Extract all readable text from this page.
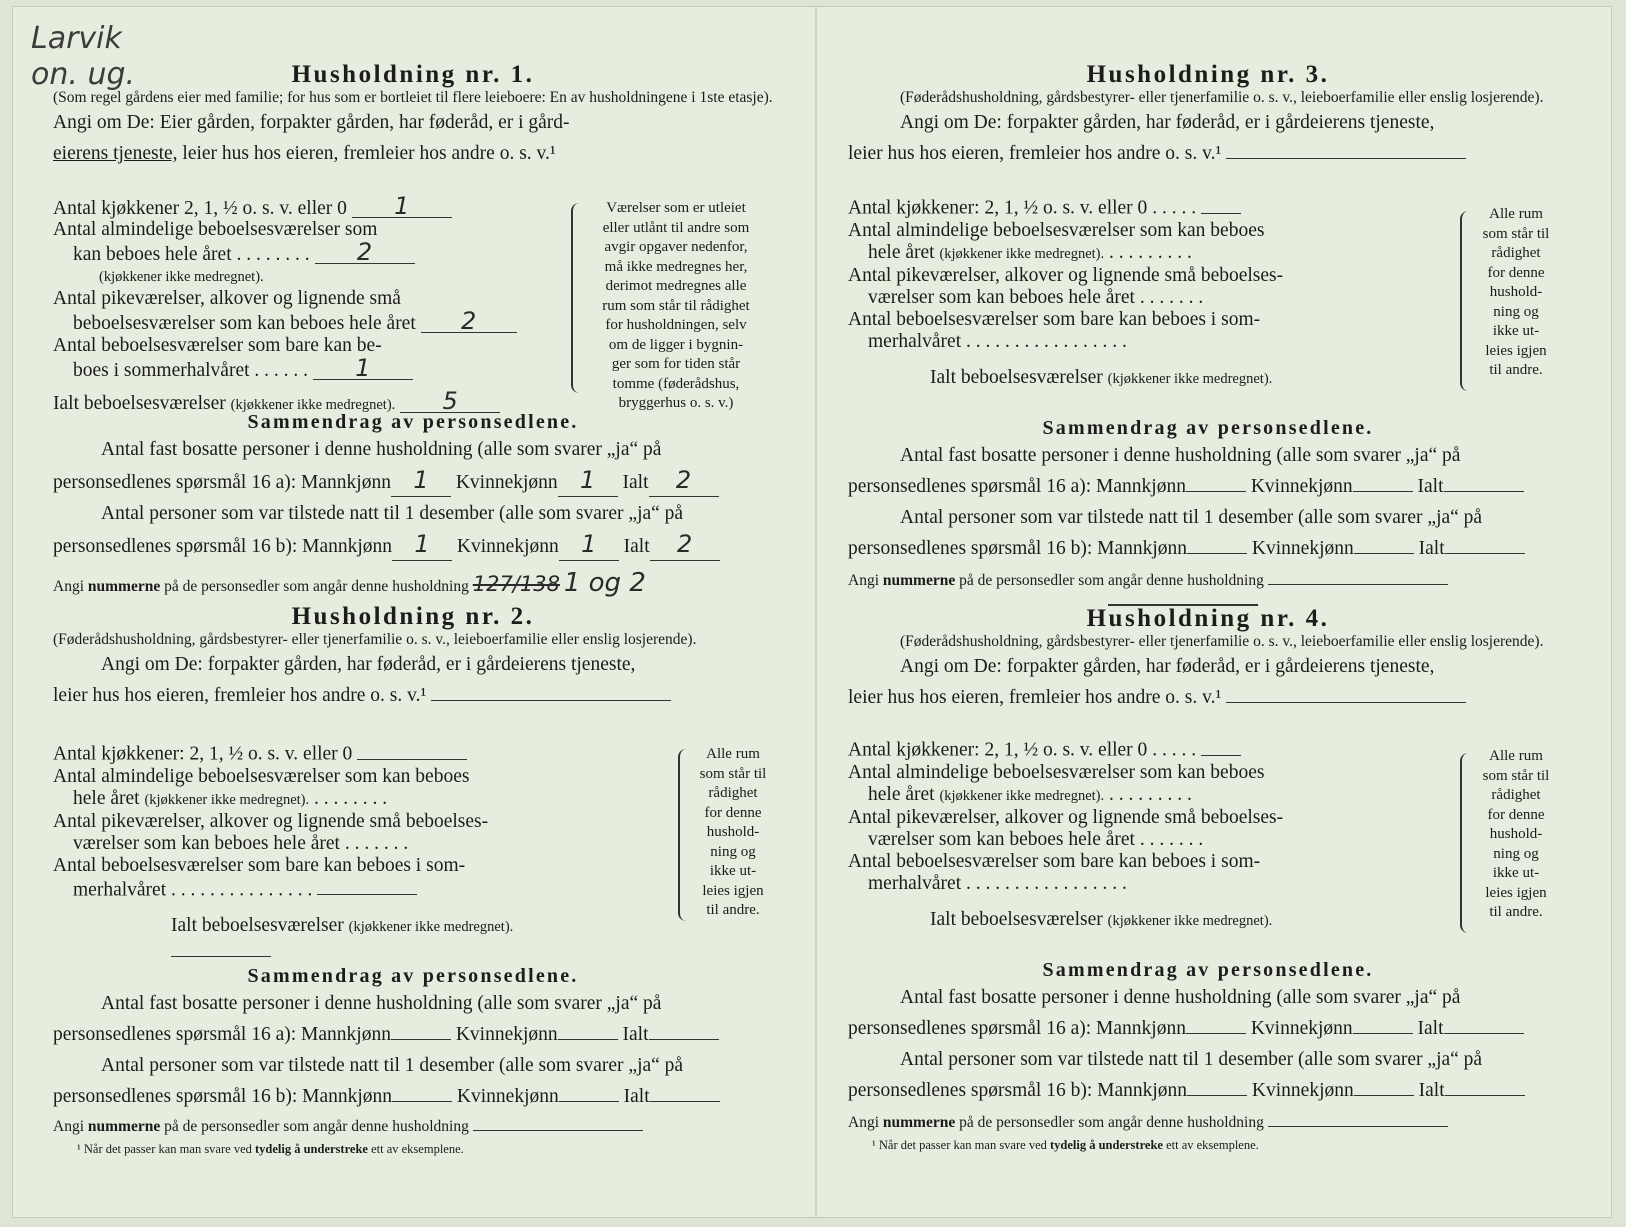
Larvik
on. ug.	Husholdning nr. 1.
(Som regel gårdens eier med familie; for hus som er bortleiet til flere leieboere: En av husholdningene i 1ste etasje).
Angi om De: Eier gården, forpakter gården, har føderåd, er i gård-
eierens tjeneste, leier hus hos eieren, fremleier hos andre o. s. v.¹
Antal kjøkkener 2, 1, ½ o. s. v. eller 0 1
Antal almindelige beboelsesværelser som
kan beboes hele året . . . . . . . . 2
(kjøkkener ikke medregnet).
Antal pikeværelser, alkover og lignende små
beboelsesværelser som kan beboes hele året 2
Antal beboelsesværelser som bare kan be-
boes i sommerhalvåret . . . . . . 1
Ialt beboelsesværelser (kjøkkener ikke medregnet). 5
Værelser som er utleiet
eller utlånt til andre som
avgir opgaver nedenfor,
må ikke medregnes her,
derimot medregnes alle
rum som står til rådighet
for husholdningen, selv
om de ligger i bygnin-
ger som for tiden står
tomme (føderådshus,
bryggerhus o. s. v.)
Sammendrag av personsedlene.
Antal fast bosatte personer i denne husholdning (alle som svarer „ja“ på
personsedlenes spørsmål 16 a): Mannkjønn 1 Kvinnekjønn 1 Ialt 2
Antal personer som var tilstede natt til 1 desember (alle som svarer „ja“ på
personsedlenes spørsmål 16 b): Mannkjønn 1 Kvinnekjønn 1 Ialt 2
Angi nummerne på de personsedler som angår denne husholdning 127/138 1 og 2
Husholdning nr. 2.
(Føderådshusholdning, gårdsbestyrer- eller tjenerfamilie o. s. v., leieboerfamilie eller enslig losjerende).
Angi om De: forpakter gården, har føderåd, er i gårdeierens tjeneste,
leier hus hos eieren, fremleier hos andre o. s. v.¹
Antal kjøkkener: 2, 1, ½ o. s. v. eller 0
Antal almindelige beboelsesværelser som kan beboes
hele året (kjøkkener ikke medregnet). . . . . . . . .
Antal pikeværelser, alkover og lignende små beboelses-
værelser som kan beboes hele året . . . . . . .
Antal beboelsesværelser som bare kan beboes i som-
merhalvåret . . . . . . . . . . . . . . .
Ialt beboelsesværelser (kjøkkener ikke medregnet).
Alle rum
som står til
rådighet
for denne
hushold-
ning og
ikke ut-
leies igjen
til andre.
Sammendrag av personsedlene.
Antal fast bosatte personer i denne husholdning (alle som svarer „ja“ på
personsedlenes spørsmål 16 a): Mannkjønn	Kvinnekjønn	Ialt
Antal personer som var tilstede natt til 1 desember (alle som svarer „ja“ på
personsedlenes spørsmål 16 b): Mannkjønn	Kvinnekjønn	Ialt
Angi nummerne på de personsedler som angår denne husholdning
¹ Når det passer kan man svare ved tydelig å understreke ett av eksemplene.
Husholdning nr. 3.
(Føderådshusholdning, gårdsbestyrer- eller tjenerfamilie o. s. v., leieboerfamilie eller enslig losjerende).
Angi om De: forpakter gården, har føderåd, er i gårdeierens tjeneste,
leier hus hos eieren, fremleier hos andre o. s. v.¹
Antal kjøkkener: 2, 1, ½ o. s. v. eller 0 . . . . .
Antal almindelige beboelsesværelser som kan beboes
hele året (kjøkkener ikke medregnet). . . . . . . . . .
Antal pikeværelser, alkover og lignende små beboelses-
værelser som kan beboes hele året . . . . . . .
Antal beboelsesværelser som bare kan beboes i som-
merhalvåret . . . . . . . . . . . . . . . . .
Ialt beboelsesværelser (kjøkkener ikke medregnet).
Alle rum
som står til
rådighet
for denne
hushold-
ning og
ikke ut-
leies igjen
til andre.
Sammendrag av personsedlene.
Antal fast bosatte personer i denne husholdning (alle som svarer „ja“ på
personsedlenes spørsmål 16 a): Mannkjønn	Kvinnekjønn	Ialt
Antal personer som var tilstede natt til 1 desember (alle som svarer „ja“ på
personsedlenes spørsmål 16 b): Mannkjønn	Kvinnekjønn	Ialt
Angi nummerne på de personsedler som angår denne husholdning
Husholdning nr. 4.
(Føderådshusholdning, gårdsbestyrer- eller tjenerfamilie o. s. v., leieboerfamilie eller enslig losjerende).
Angi om De: forpakter gården, har føderåd, er i gårdeierens tjeneste,
leier hus hos eieren, fremleier hos andre o. s. v.¹
Antal kjøkkener: 2, 1, ½ o. s. v. eller 0 . . . . .
Antal almindelige beboelsesværelser som kan beboes
hele året (kjøkkener ikke medregnet). . . . . . . . . .
Antal pikeværelser, alkover og lignende små beboelses-
værelser som kan beboes hele året . . . . . . .
Antal beboelsesværelser som bare kan beboes i som-
merhalvåret . . . . . . . . . . . . . . . . .
Ialt beboelsesværelser (kjøkkener ikke medregnet).
Alle rum
som står til
rådighet
for denne
hushold-
ning og
ikke ut-
leies igjen
til andre.
Sammendrag av personsedlene.
Antal fast bosatte personer i denne husholdning (alle som svarer „ja“ på
personsedlenes spørsmål 16 a): Mannkjønn	Kvinnekjønn	Ialt
Antal personer som var tilstede natt til 1 desember (alle som svarer „ja“ på
personsedlenes spørsmål 16 b): Mannkjønn	Kvinnekjønn	Ialt
Angi nummerne på de personsedler som angår denne husholdning
¹ Når det passer kan man svare ved tydelig å understreke ett av eksemplene.
